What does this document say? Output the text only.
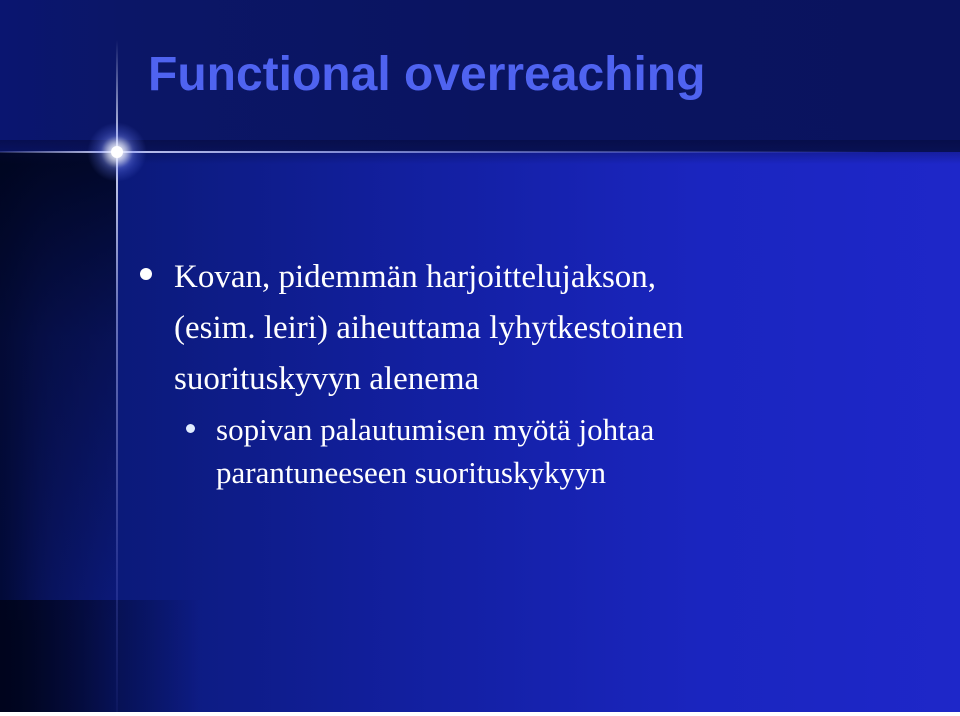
Functional overreaching
Kovan, pidemmän harjoittelujakson, (esim. leiri) aiheuttama lyhytkestoinen suorituskyvyn alenema
sopivan palautumisen myötä johtaa parantuneeseen suorituskykyyn
